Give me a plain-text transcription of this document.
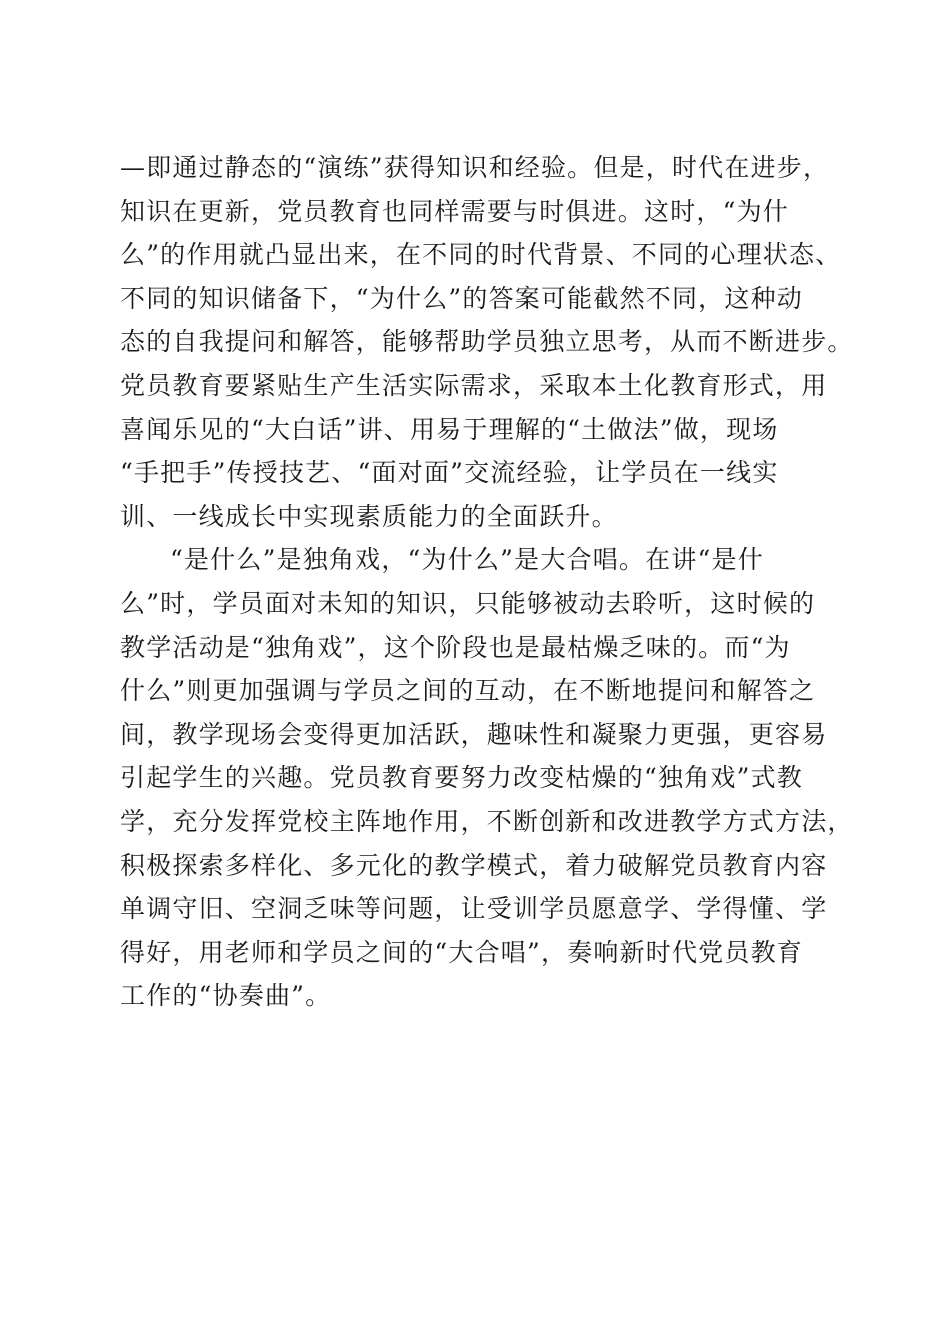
—即通过静态的“演练”获得知识和经验。但是，时代在进步，
知识在更新，党员教育也同样需要与时俱进。这时，“为什
么”的作用就凸显出来，在不同的时代背景、不同的心理状态、
不同的知识储备下，“为什么”的答案可能截然不同，这种动
态的自我提问和解答，能够帮助学员独立思考，从而不断进步。
党员教育要紧贴生产生活实际需求，采取本土化教育形式，用
喜闻乐见的“大白话”讲、用易于理解的“土做法”做，现场
“手把手”传授技艺、“面对面”交流经验，让学员在一线实
训、一线成长中实现素质能力的全面跃升。
“是什么”是独角戏，“为什么”是大合唱。在讲“是什
么”时，学员面对未知的知识，只能够被动去聆听，这时候的
教学活动是“独角戏”，这个阶段也是最枯燥乏味的。而“为
什么”则更加强调与学员之间的互动，在不断地提问和解答之
间，教学现场会变得更加活跃，趣味性和凝聚力更强，更容易
引起学生的兴趣。党员教育要努力改变枯燥的“独角戏”式教
学，充分发挥党校主阵地作用，不断创新和改进教学方式方法，
积极探索多样化、多元化的教学模式，着力破解党员教育内容
单调守旧、空洞乏味等问题，让受训学员愿意学、学得懂、学
得好，用老师和学员之间的“大合唱”，奏响新时代党员教育
工作的“协奏曲”。
